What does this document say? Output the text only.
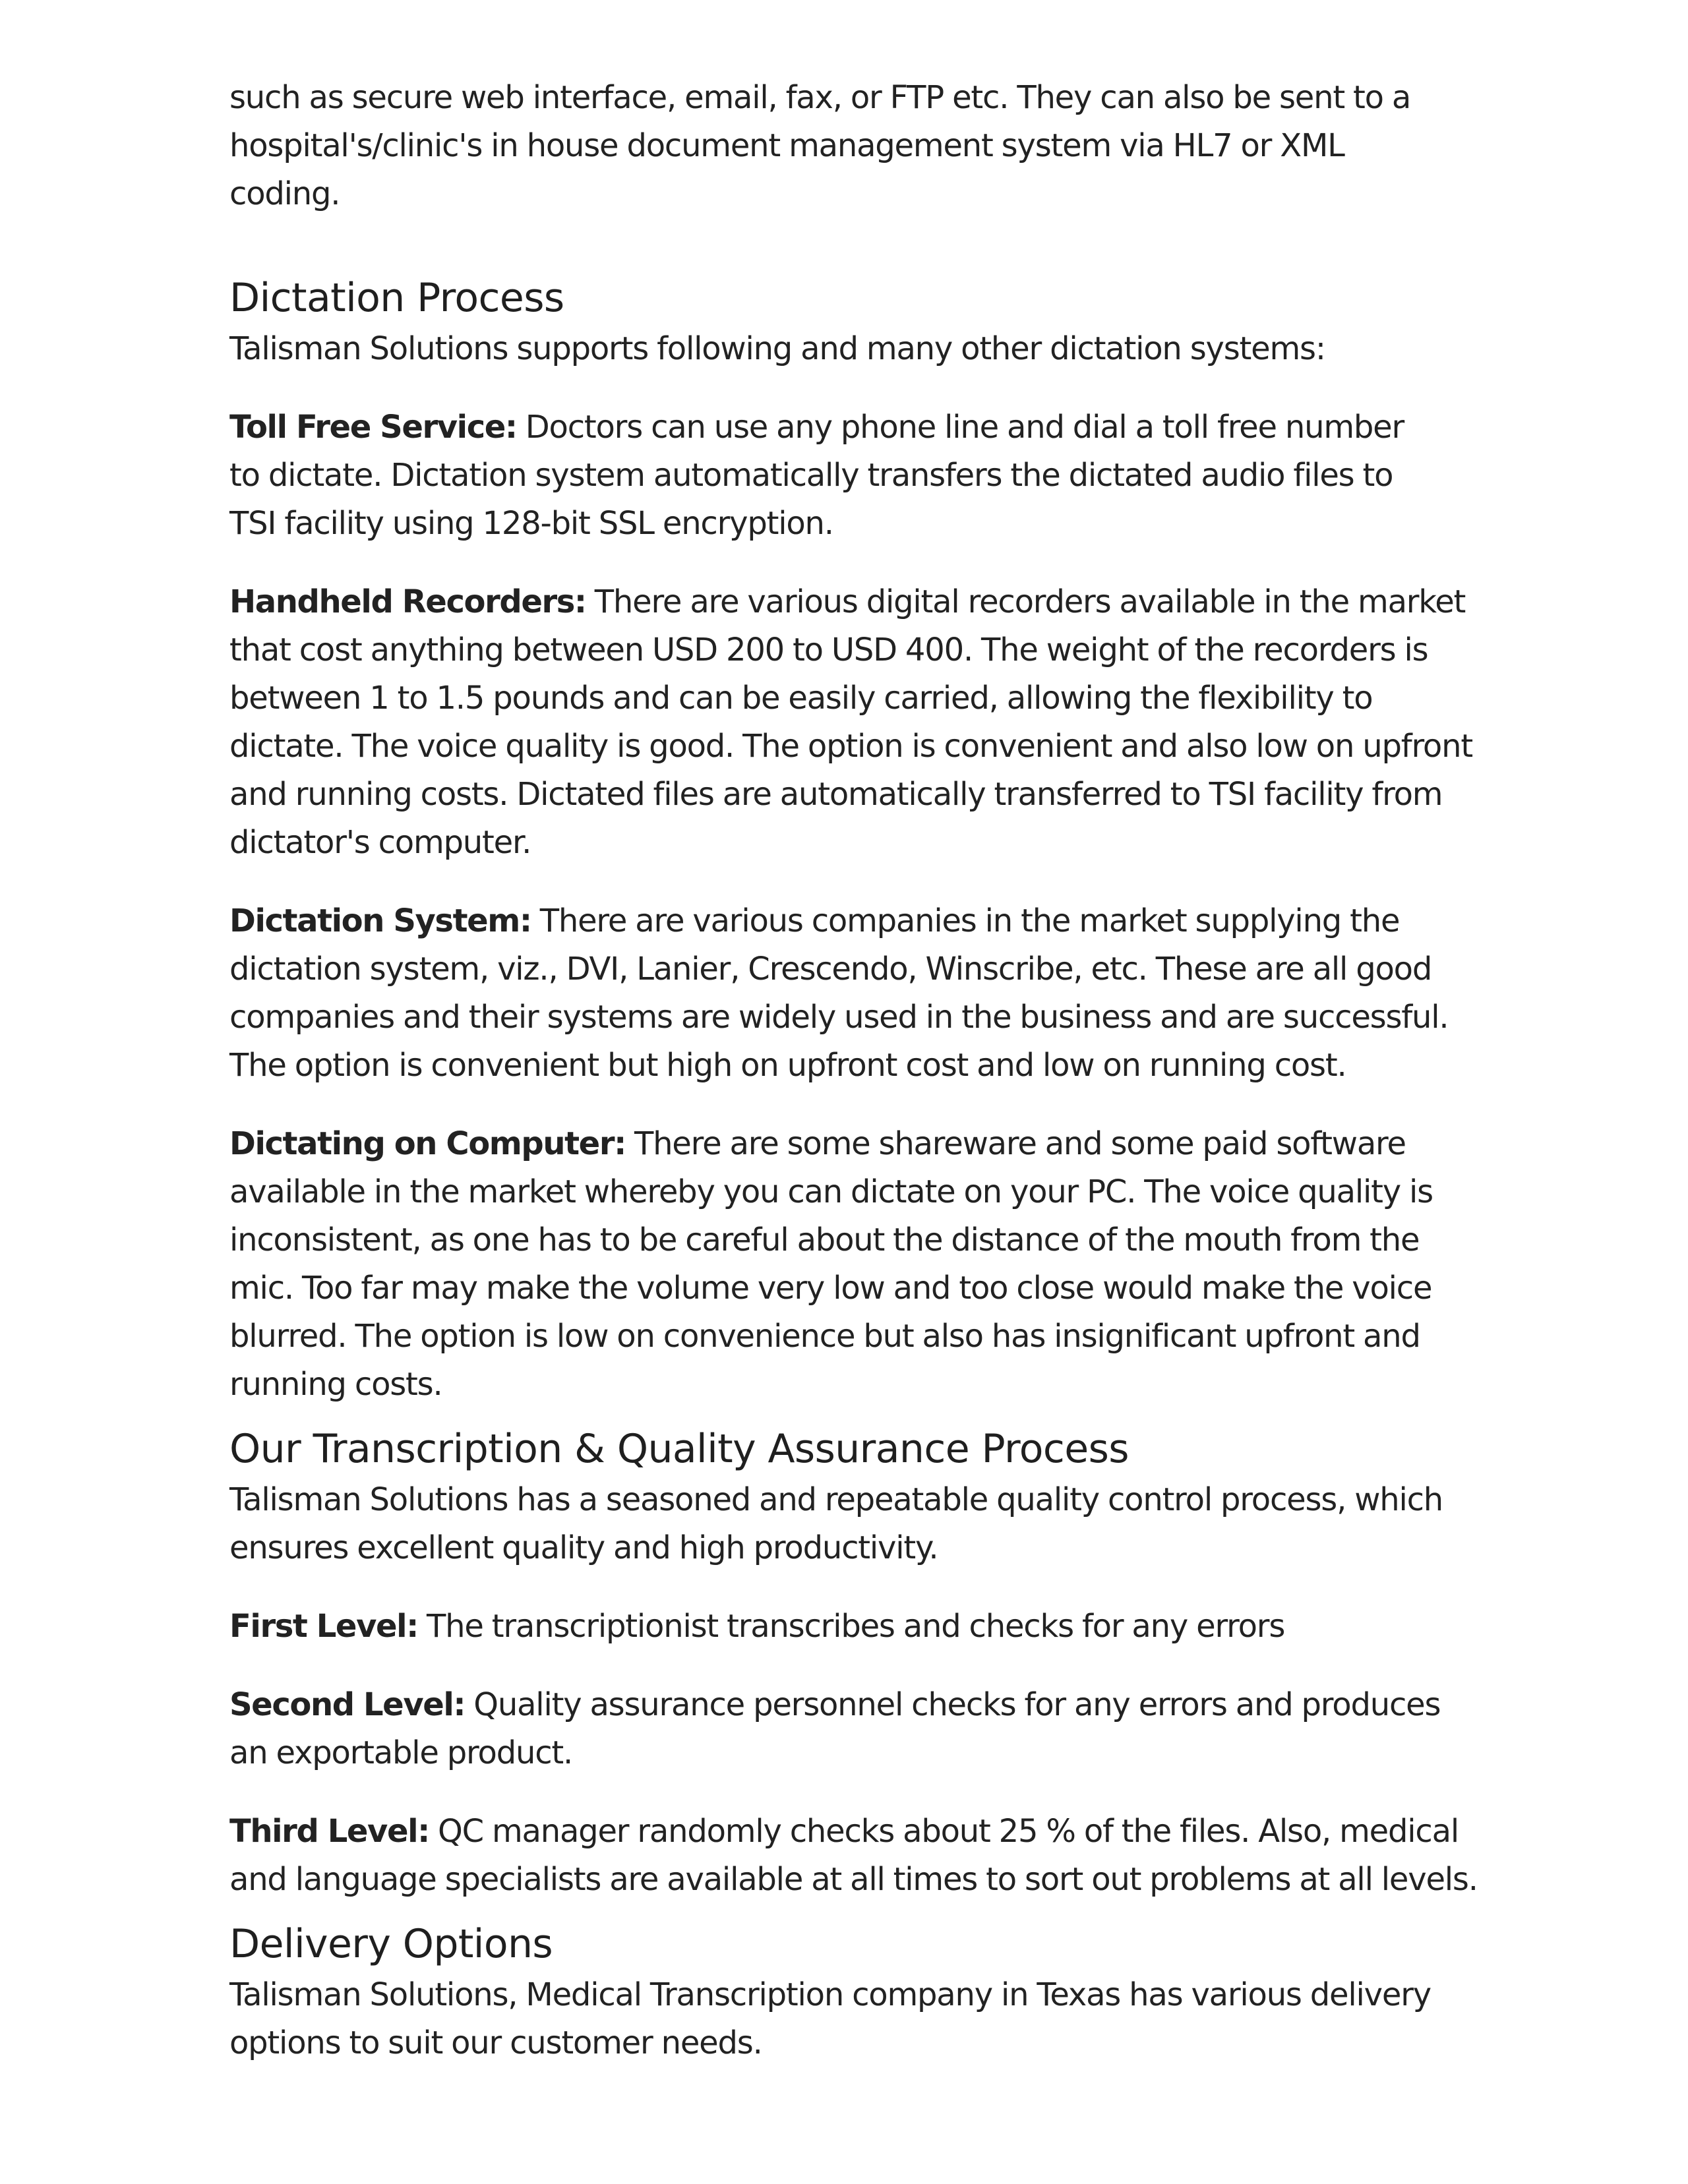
such as secure web interface, email, fax, or FTP etc. They can also be sent to a hospital's/clinic's in house document management system via HL7 or XML coding.

Dictation Process

Talisman Solutions supports following and many other dictation systems:

Toll Free Service: Doctors can use any phone line and dial a toll free number to dictate. Dictation system automatically transfers the dictated audio files to TSI facility using 128-bit SSL encryption.

Handheld Recorders: There are various digital recorders available in the market that cost anything between USD 200 to USD 400. The weight of the recorders is between 1 to 1.5 pounds and can be easily carried, allowing the flexibility to dictate. The voice quality is good. The option is convenient and also low on upfront and running costs. Dictated files are automatically transferred to TSI facility from dictator's computer.

Dictation System: There are various companies in the market supplying the dictation system, viz., DVI, Lanier, Crescendo, Winscribe, etc. These are all good companies and their systems are widely used in the business and are successful. The option is convenient but high on upfront cost and low on running cost.

Dictating on Computer: There are some shareware and some paid software available in the market whereby you can dictate on your PC. The voice quality is inconsistent, as one has to be careful about the distance of the mouth from the mic. Too far may make the volume very low and too close would make the voice blurred. The option is low on convenience but also has insignificant upfront and running costs.

Our Transcription & Quality Assurance Process

Talisman Solutions has a seasoned and repeatable quality control process, which ensures excellent quality and high productivity.

First Level: The transcriptionist transcribes and checks for any errors

Second Level: Quality assurance personnel checks for any errors and produces an exportable product.

Third Level: QC manager randomly checks about 25 % of the files. Also, medical and language specialists are available at all times to sort out problems at all levels.

Delivery Options

Talisman Solutions, Medical Transcription company in Texas has various delivery options to suit our customer needs.
